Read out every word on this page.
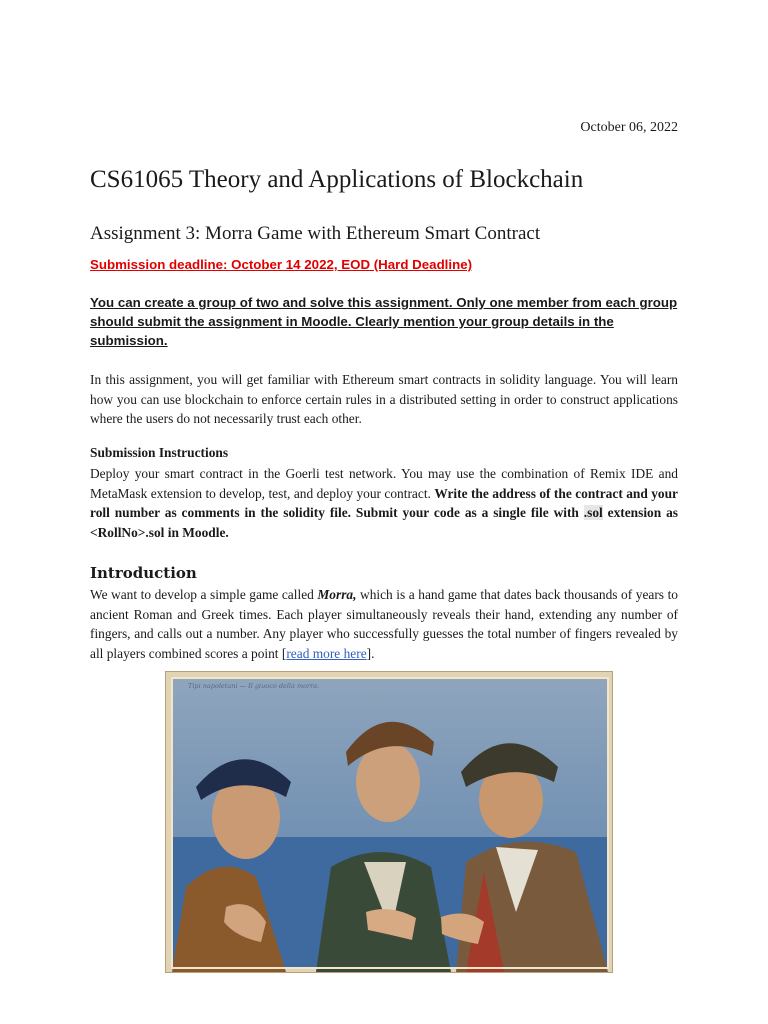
October 06, 2022
CS61065 Theory and Applications of Blockchain
Assignment 3: Morra Game with Ethereum Smart Contract
Submission deadline: October 14 2022, EOD (Hard Deadline)

You can create a group of two and solve this assignment. Only one member from each group should submit the assignment in Moodle. Clearly mention your group details in the submission.

In this assignment, you will get familiar with Ethereum smart contracts in solidity language. You will learn how you can use blockchain to enforce certain rules in a distributed setting in order to construct applications where the users do not necessarily trust each other.

Submission Instructions

Deploy your smart contract in the Goerli test network. You may use the combination of Remix IDE and MetaMask extension to develop, test, and deploy your contract. Write the address of the contract and your roll number as comments in the solidity file. Submit your code as a single file with .sol extension as <RollNo>.sol in Moodle.

Introduction

We want to develop a simple game called Morra, which is a hand game that dates back thousands of years to ancient Roman and Greek times. Each player simultaneously reveals their hand, extending any number of fingers, and calls out a number. Any player who successfully guesses the total number of fingers revealed by all players combined scores a point [read more here].

Tipi napoletani — Il giuoco della morra.
